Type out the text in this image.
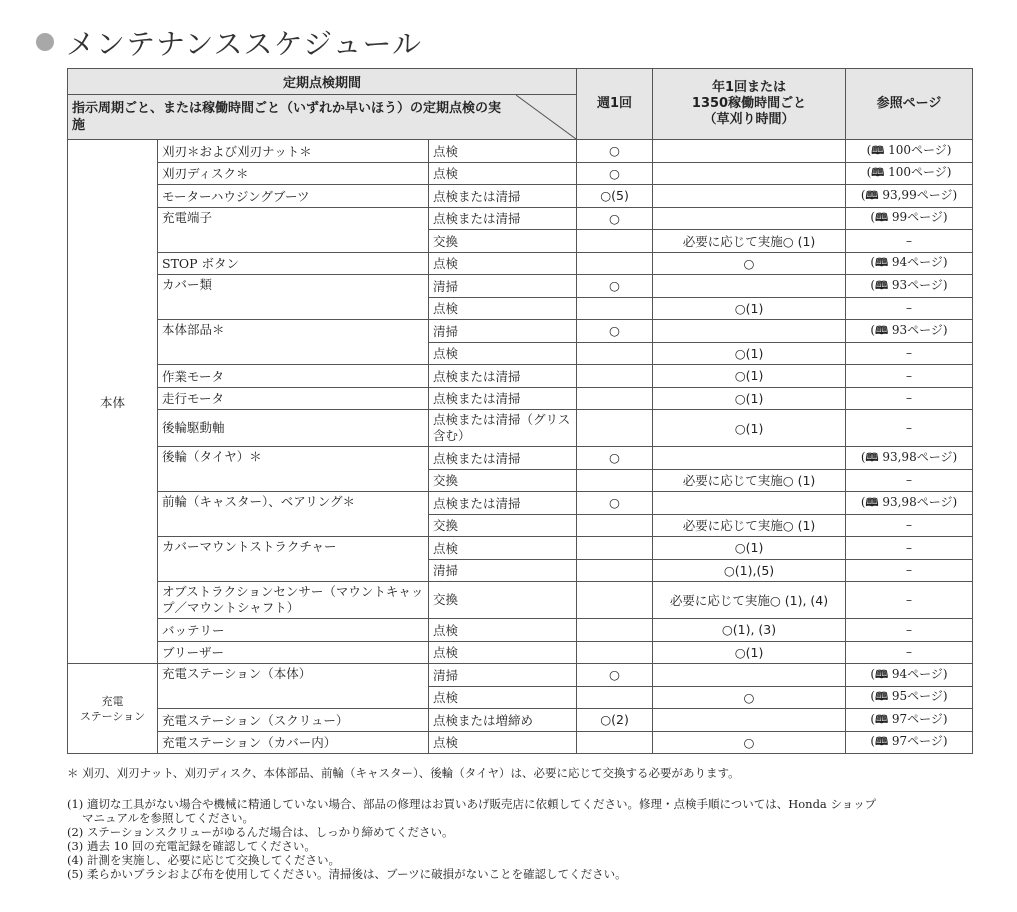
メンテナンススケジュール
定期点検期間			週1回	年1回または
1350稼働時間ごと
（草刈り時間）	参照ページ

指示周期ごと、または稼働時間ごと（いずれか早いほう）の定期点検の実施					

本体	刈刃＊および刈刃ナット＊	点検	○		(🕮 100ページ)
	刈刃ディスク＊	点検	○		(🕮 100ページ)
	モーターハウジングブーツ	点検または清掃	○(5)		(🕮 93,99ページ)
	充電端子	点検または清掃	○		(🕮 99ページ)
		交換		必要に応じて実施○ (1)	–
	STOP ボタン	点検		○	(🕮 94ページ)
	カバー類	清掃	○		(🕮 93ページ)
		点検		○(1)	–
	本体部品＊	清掃	○		(🕮 93ページ)
		点検		○(1)	–
	作業モータ	点検または清掃		○(1)	–
	走行モータ	点検または清掃		○(1)	–
	後輪駆動軸	点検または清掃（グリス含む）		○(1)	–
	後輪（タイヤ）＊	点検または清掃	○		(🕮 93,98ページ)
		交換		必要に応じて実施○ (1)	–
	前輪（キャスター）、ベアリング＊	点検または清掃	○		(🕮 93,98ページ)
		交換		必要に応じて実施○ (1)	–
	カバーマウントストラクチャー	点検		○(1)	–
		清掃		○(1),(5)	–
	オブストラクションセンサー（マウントキャップ／マウントシャフト）	交換		必要に応じて実施○ (1), (4)	–
	バッテリー	点検		○(1), (3)	–
	ブリーザー	点検		○(1)	–

充電
ステーション	充電ステーション（本体）	清掃	○		(🕮 94ページ)
		点検		○	(🕮 95ページ)
	充電ステーション（スクリュー）	点検または増締め	○(2)		(🕮 97ページ)
	充電ステーション（カバー内）	点検		○	(🕮 97ページ)
＊ 刈刃、刈刃ナット、刈刃ディスク、本体部品、前輪（キャスター）、後輪（タイヤ）は、必要に応じて交換する必要があります。
(1) 適切な工具がない場合や機械に精通していない場合、部品の修理はお買いあげ販売店に依頼してください。修理・点検手順については、Honda ショップ
マニュアルを参照してください。
(2) ステーションスクリューがゆるんだ場合は、しっかり締めてください。
(3) 過去 10 回の充電記録を確認してください。
(4) 計測を実施し、必要に応じて交換してください。
(5) 柔らかいブラシおよび布を使用してください。清掃後は、ブーツに破損がないことを確認してください。
